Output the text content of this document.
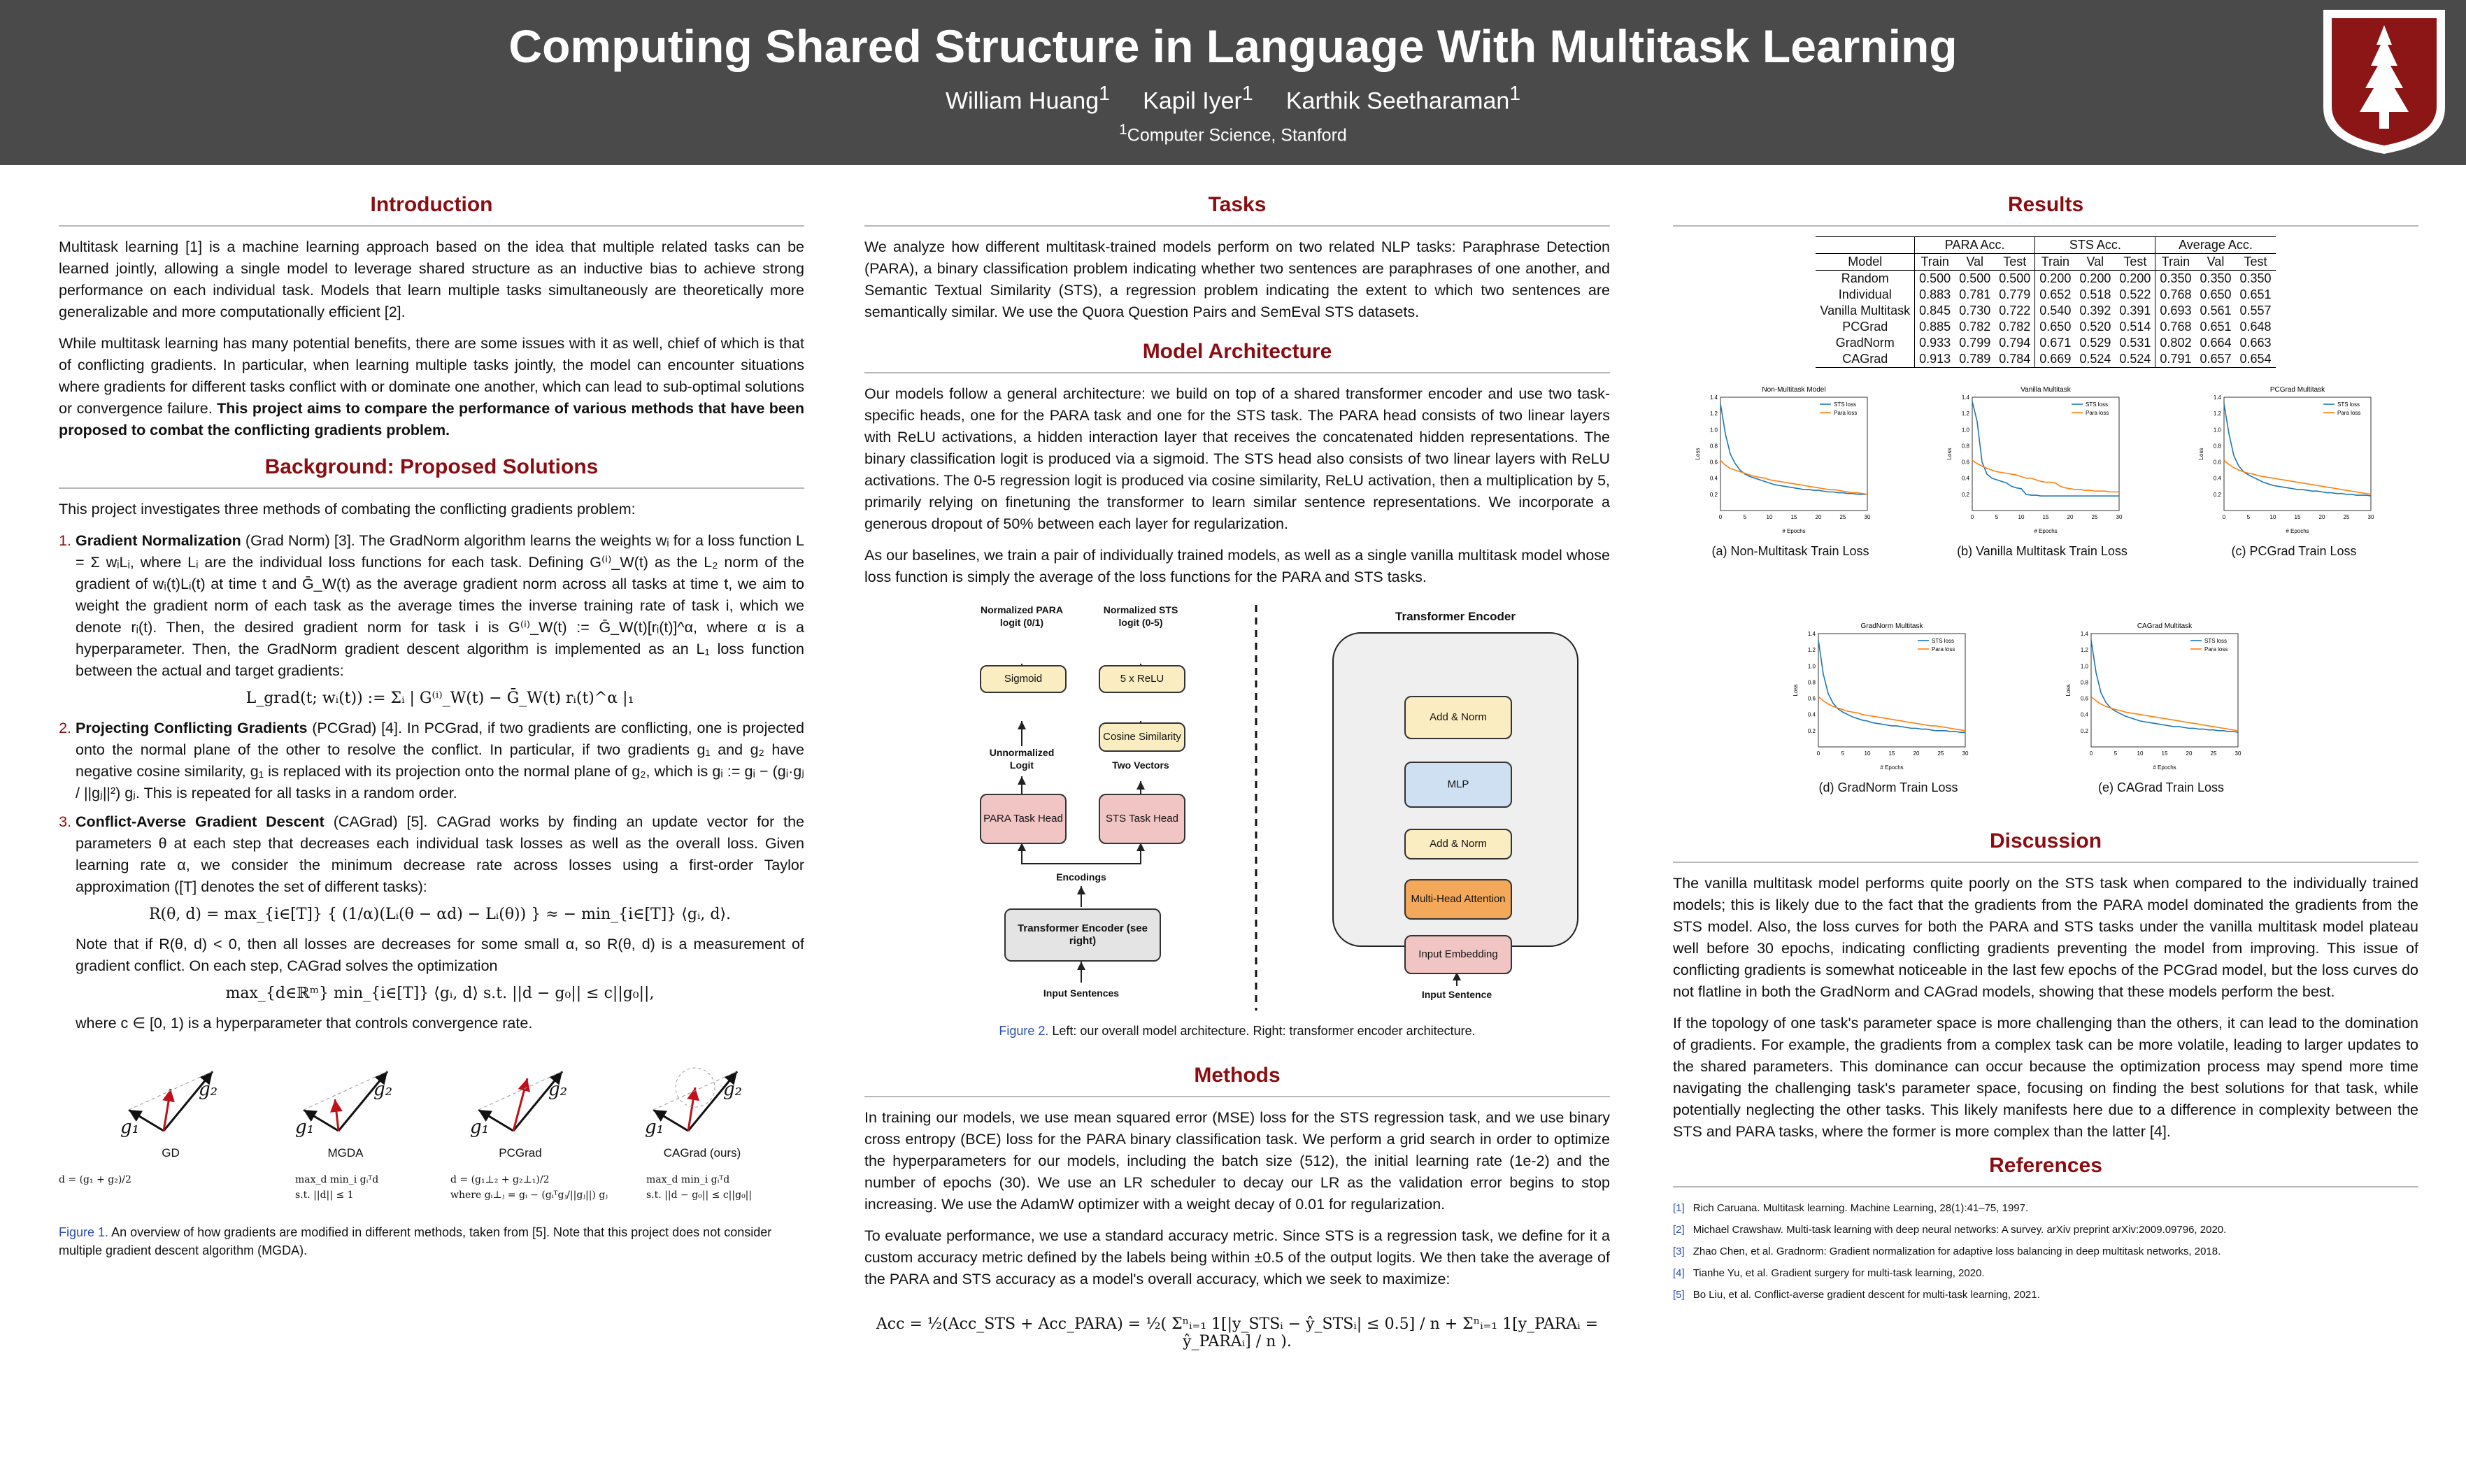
Computing Shared Structure in Language With Multitask Learning
William Huang$^1$ Kapil Iyer$^1$ Karthik Seetharaman$^1$
$^1$Computer Science, Stanford
Introduction

Multitask learning [1] is a machine learning approach based on the idea that multiple related tasks can be learned jointly, allowing a single model to leverage shared structure as an inductive bias to achieve strong performance on each individual task. Models that learn multiple tasks simultaneously are theoretically more generalizable and more computationally efficient [2].

While multitask learning has many potential benefits, there are some issues with it as well, chief of which is that of conflicting gradients. In particular, when learning multiple tasks jointly, the model can encounter situations where gradients for different tasks conflict with or dominate one another, which can lead to sub-optimal solutions or convergence failure. This project aims to compare the performance of various methods that have been proposed to combat the conflicting gradients problem.

Background: Proposed Solutions

This project investigates three methods of combating the conflicting gradients problem:

1. Gradient Normalization (Grad Norm) [3]. The GradNorm algorithm learns the weights wᵢ for a loss function L = Σ wᵢLᵢ, where Lᵢ are the individual loss functions for each task. Defining G⁽ⁱ⁾_W(t) as the L₂ norm of the gradient of wᵢ(t)Lᵢ(t) at time t and Ḡ_W(t) as the average gradient norm across all tasks at time t, we aim to weight the gradient norm of each task as the average times the inverse training rate of task i, which we denote rᵢ(t). Then, the desired gradient norm for task i is G⁽ⁱ⁾_W(t) := Ḡ_W(t)[rᵢ(t)]^α, where α is a hyperparameter. Then, the GradNorm gradient descent algorithm is implemented as an L₁ loss function between the actual and target gradients:
L_grad(t; wᵢ(t)) := Σᵢ | G⁽ⁱ⁾_W(t) − Ḡ_W(t) rᵢ(t)^α |₁
2. Projecting Conflicting Gradients (PCGrad) [4]. In PCGrad, if two gradients are conflicting, one is projected onto the normal plane of the other to resolve the conflict. In particular, if two gradients g₁ and g₂ have negative cosine similarity, g₁ is replaced with its projection onto the normal plane of g₂, which is gᵢ := gᵢ − (gᵢ·gⱼ / ||gⱼ||²) gⱼ. This is repeated for all tasks in a random order.
3. Conflict-Averse Gradient Descent (CAGrad) [5]. CAGrad works by finding an update vector for the parameters θ at each step that decreases each individual task losses as well as the overall loss. Given learning rate α, we consider the minimum decrease rate across losses using a first-order Taylor approximation ([T] denotes the set of different tasks):
R(θ, d) = max_{i∈[T]} { (1/α)(Lᵢ(θ − αd) − Lᵢ(θ)) } ≈ − min_{i∈[T]} ⟨gᵢ, d⟩.
Note that if R(θ, d) < 0, then all losses are decreases for some small α, so R(θ, d) is a measurement of gradient conflict. On each step, CAGrad solves the optimization
max_{d∈ℝᵐ} min_{i∈[T]} ⟨gᵢ, d⟩ s.t. ||d − g₀|| ≤ c||g₀||,
where c ∈ [0, 1) is a hyperparameter that controls convergence rate.
g₁
g₂
g₁
g₂
g₁
g₂
g₁
g₂
GD	MGDA	PCGrad	CAGrad (ours)
d = (g₁ + g₂)/2	max_d min_i gᵢᵀd
s.t. ||d|| ≤ 1
d = (g₁⊥₂ + g₂⊥₁)/2
where gᵢ⊥ⱼ = gᵢ − (gᵢᵀgⱼ/||gⱼ||) gⱼ
max_d min_i gᵢᵀd
s.t. ||d − g₀|| ≤ c||g₀||
Figure 1. An overview of how gradients are modified in different methods, taken from [5]. Note that this project does not consider multiple gradient descent algorithm (MGDA).
Tasks

We analyze how different multitask-trained models perform on two related NLP tasks: Paraphrase Detection (PARA), a binary classification problem indicating whether two sentences are paraphrases of one another, and Semantic Textual Similarity (STS), a regression problem indicating the extent to which two sentences are semantically similar. We use the Quora Question Pairs and SemEval STS datasets.

Model Architecture

Our models follow a general architecture: we build on top of a shared transformer encoder and use two task-specific heads, one for the PARA task and one for the STS task. The PARA head consists of two linear layers with ReLU activations, a hidden interaction layer that receives the concatenated hidden representations. The binary classification logit is produced via a sigmoid. The STS head also consists of two linear layers with ReLU activations. The 0-5 regression logit is produced via cosine similarity, ReLU activation, then a multiplication by 5, primarily relying on finetuning the transformer to learn similar sentence representations. We incorporate a generous dropout of 50% between each layer for regularization.

As our baselines, we train a pair of individually trained models, as well as a single vanilla multitask model whose loss function is simply the average of the loss functions for the PARA and STS tasks.

Normalized PARA logit (0/1)
Normalized STS logit (0-5)
Sigmoid	5 x ReLU
Cosine Similarity
Unnormalized Logit	Two Vectors
PARA Task Head	STS Task Head
Encodings
Transformer Encoder (see right)
Input Sentences
Transformer Encoder
Add & Norm
MLP
Add & Norm
Multi-Head Attention
Input Embedding
Input Sentence
Figure 2. Left: our overall model architecture. Right: transformer encoder architecture.
Methods

In training our models, we use mean squared error (MSE) loss for the STS regression task, and we use binary cross entropy (BCE) loss for the PARA binary classification task. We perform a grid search in order to optimize the hyperparameters for our models, including the batch size (512), the initial learning rate (1e-2) and the number of epochs (30). We use an LR scheduler to decay our LR as the validation error begins to stop increasing. We use the AdamW optimizer with a weight decay of 0.01 for regularization.

To evaluate performance, we use a standard accuracy metric. Since STS is a regression task, we define for it a custom accuracy metric defined by the labels being within ±0.5 of the output logits. We then take the average of the PARA and STS accuracy as a model's overall accuracy, which we seek to maximize:

Acc = ½(Acc_STS + Acc_PARA) = ½( Σⁿᵢ₌₁ 1[|y_STSᵢ − ŷ_STSᵢ| ≤ 0.5] / n + Σⁿᵢ₌₁ 1[y_PARAᵢ = ŷ_PARAᵢ] / n ).
Results
	PARA Acc.			STS Acc.			Average Acc.		
Model	Train	Val	Test	Train	Val	Test	Train	Val	Test
Random	0.500	0.500	0.500	0.200	0.200	0.200	0.350	0.350	0.350
Individual	0.883	0.781	0.779	0.652	0.518	0.522	0.768	0.650	0.651
Vanilla Multitask	0.845	0.730	0.722	0.540	0.392	0.391	0.693	0.561	0.557
PCGrad	0.885	0.782	0.782	0.650	0.520	0.514	0.768	0.651	0.648
GradNorm	0.933	0.799	0.794	0.671	0.529	0.531	0.802	0.664	0.663
CAGrad	0.913	0.789	0.784	0.669	0.524	0.524	0.791	0.657	0.654
Non-Multitask Model
# Epochs
Loss
0.2
0.4
0.6
0.8
1.0
1.2
1.4
0	5	10	15	20	25	30
STS loss
Para loss
Vanilla Multitask
# Epochs
Loss
0.2
0.4
0.6
0.8
1.0
1.2
1.4
0	5	10	15	20	25	30
STS loss
Para loss
PCGrad Multitask
# Epochs
Loss
0.2
0.4
0.6
0.8
1.0
1.2
1.4
0	5	10	15	20	25	30
STS loss
Para loss
(a) Non-Multitask Train Loss	(b) Vanilla Multitask Train Loss	(c) PCGrad Train Loss
GradNorm Multitask
# Epochs
Loss
0.2
0.4
0.6
0.8
1.0
1.2
1.4
0	5	10	15	20	25	30
STS loss
Para loss
CAGrad Multitask
# Epochs
Loss
0.2
0.4
0.6
0.8
1.0
1.2
1.4
0	5	10	15	20	25	30
STS loss
Para loss
(d) GradNorm Train Loss	(e) CAGrad Train Loss
Discussion

The vanilla multitask model performs quite poorly on the STS task when compared to the individually trained models; this is likely due to the fact that the gradients from the PARA model dominated the gradients from the STS model. Also, the loss curves for both the PARA and STS tasks under the vanilla multitask model plateau well before 30 epochs, indicating conflicting gradients preventing the model from improving. This issue of conflicting gradients is somewhat noticeable in the last few epochs of the PCGrad model, but the loss curves do not flatline in both the GradNorm and CAGrad models, showing that these models perform the best.

If the topology of one task's parameter space is more challenging than the others, it can lead to the domination of gradients. For example, the gradients from a complex task can be more volatile, leading to larger updates to the shared parameters. This dominance can occur because the optimization process may spend more time navigating the challenging task's parameter space, focusing on finding the best solutions for that task, while potentially neglecting the other tasks. This likely manifests here due to a difference in complexity between the STS and PARA tasks, where the former is more complex than the latter [4].

References
[1] Rich Caruana. Multitask learning. Machine Learning, 28(1):41–75, 1997.
[2] Michael Crawshaw. Multi-task learning with deep neural networks: A survey. arXiv preprint arXiv:2009.09796, 2020.
[3] Zhao Chen, et al. Gradnorm: Gradient normalization for adaptive loss balancing in deep multitask networks, 2018.
[4] Tianhe Yu, et al. Gradient surgery for multi-task learning, 2020.
[5] Bo Liu, et al. Conflict-averse gradient descent for multi-task learning, 2021.
